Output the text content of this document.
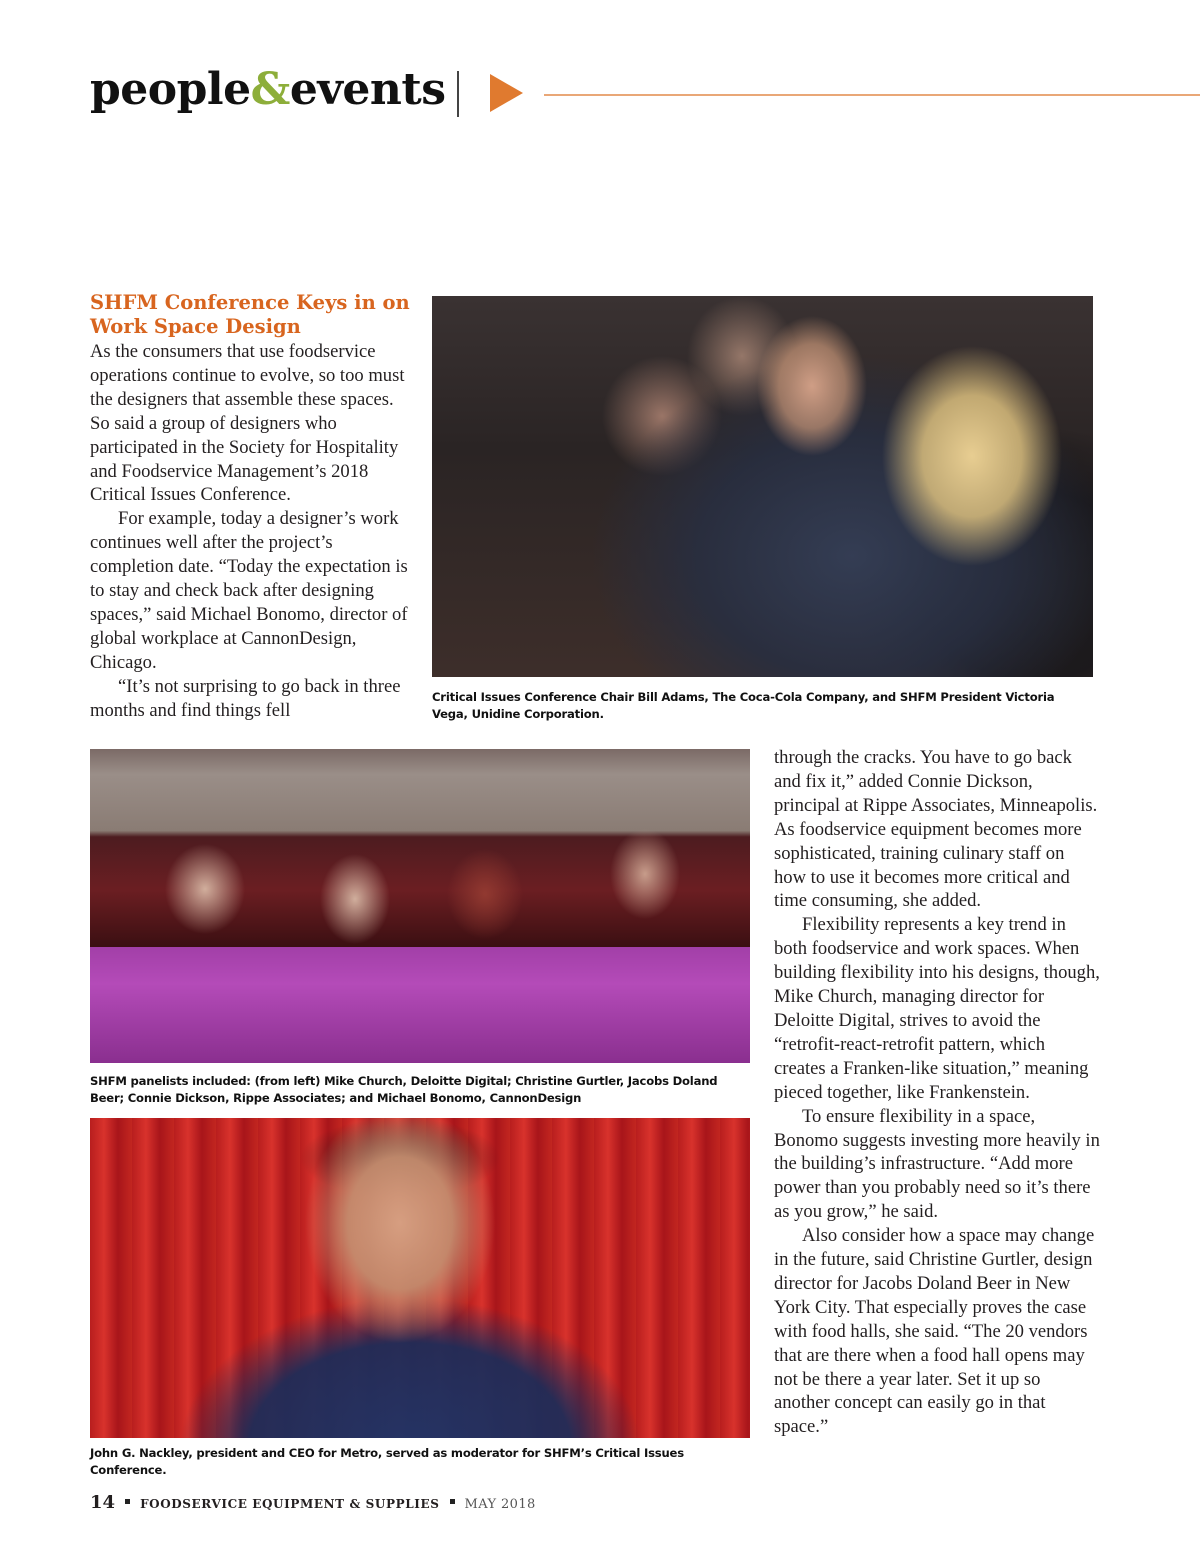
people&events
SHFM Conference Keys in on Work Space Design

As the consumers that use foodservice operations continue to evolve, so too must the designers that assemble these spaces. So said a group of designers who participated in the Society for Hospitality and Foodservice Management’s 2018 Critical Issues Conference.

For example, today a designer’s work continues well after the project’s completion date. “Today the expectation is to stay and check back after designing spaces,” said Michael Bonomo, director of global workplace at CannonDesign, Chicago.

“It’s not surprising to go back in three months and find things fell

Critical Issues Conference Chair Bill Adams, The Coca-Cola Company, and SHFM President Victoria Vega, Unidine Corporation.
SHFM panelists included: (from left) Mike Church, Deloitte Digital; Christine Gurtler, Jacobs Doland Beer; Connie Dickson, Rippe Associates; and Michael Bonomo, CannonDesign
John G. Nackley, president and CEO for Metro, served as moderator for SHFM’s Critical Issues Conference.

through the cracks. You have to go back and fix it,” added Connie Dickson, principal at Rippe Associates, Minneapolis. As foodservice equipment becomes more sophisticated, training culinary staff on how to use it becomes more critical and time consuming, she added.

Flexibility represents a key trend in both foodservice and work spaces. When building flexibility into his designs, though, Mike Church, managing director for Deloitte Digital, strives to avoid the “retrofit-react-retrofit pattern, which creates a Franken-like situation,” meaning pieced together, like Frankenstein.

To ensure flexibility in a space, Bonomo suggests investing more heavily in the building’s infrastructure. “Add more power than you probably need so it’s there as you grow,” he said.

Also consider how a space may change in the future, said Christine Gurtler, design director for Jacobs Doland Beer in New York City. That especially proves the case with food halls, she said. “The 20 vendors that are there when a food hall opens may not be there a year later. Set it up so another concept can easily go in that space.”

14 FOODSERVICE EQUIPMENT & SUPPLIES MAY 2018
